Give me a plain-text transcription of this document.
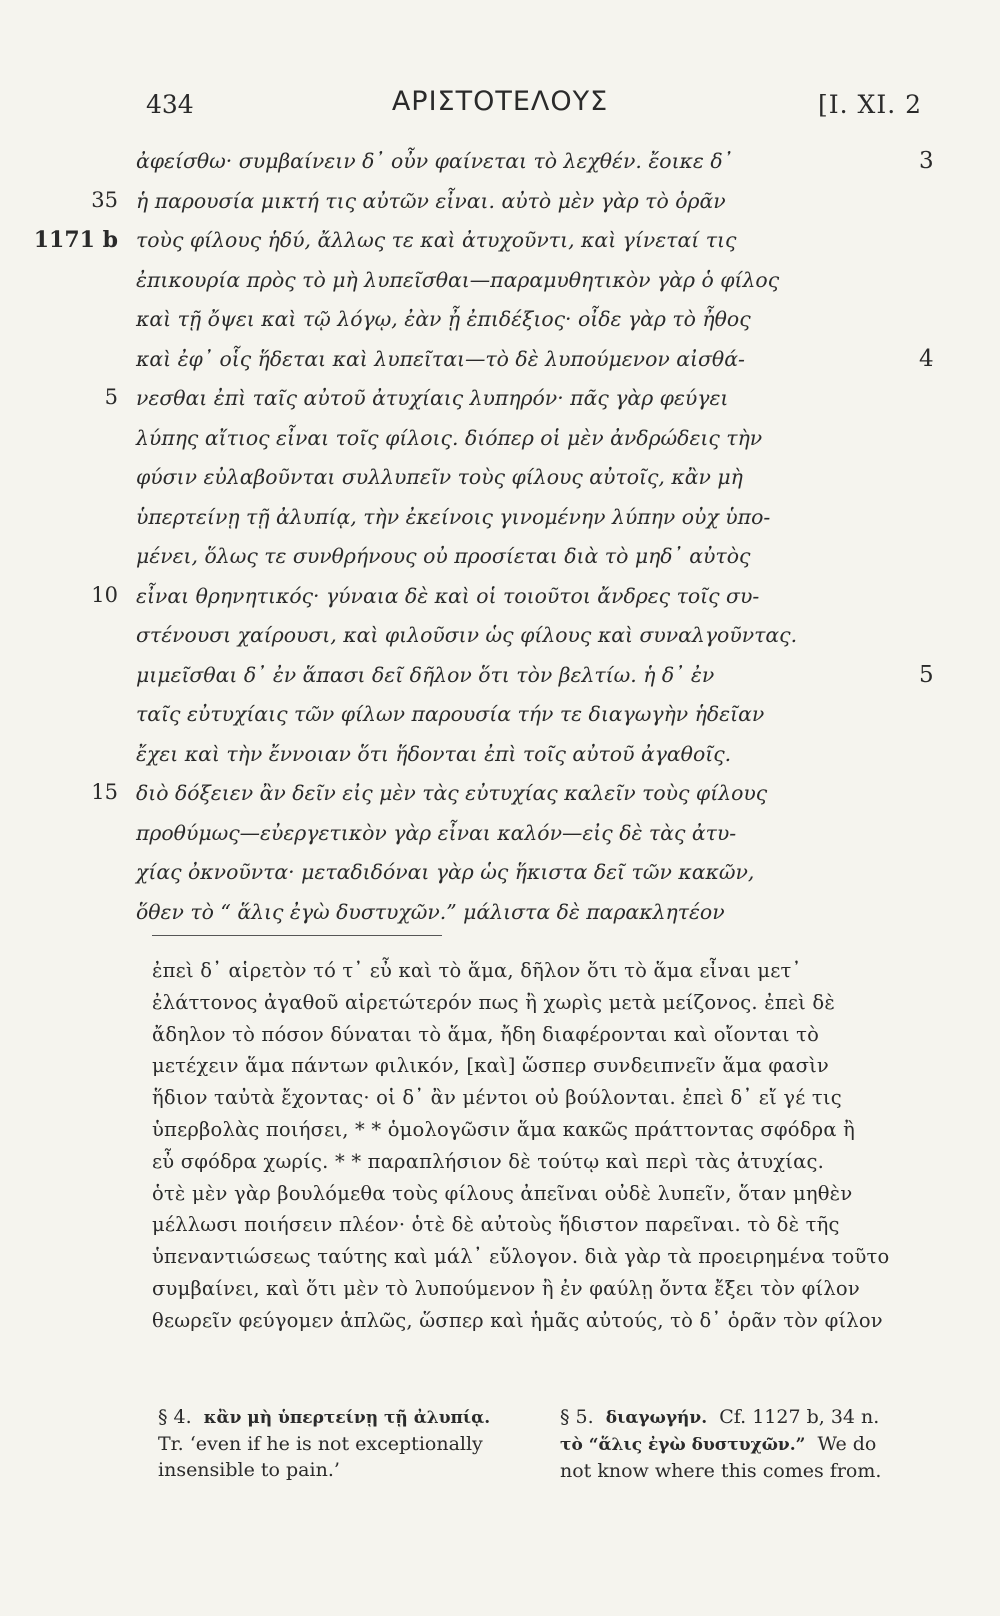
434	ΑΡΙΣΤΟΤΕΛΟΥΣ	[I. XI. 2
ἀφείσθω· συμβαίνειν δ᾽ οὖν φαίνεται τὸ λεχθέν. ἔοικε δ᾽	3
ἡ παρουσία μικτή τις αὐτῶν εἶναι. αὐτὸ μὲν γὰρ τὸ ὁρᾶν
35
τοὺς φίλους ἡδύ, ἄλλως τε καὶ ἀτυχοῦντι, καὶ γίνεταί τις
1171 b
ἐπικουρία πρὸς τὸ μὴ λυπεῖσθαι—παραμυθητικὸν γὰρ ὁ φίλος
καὶ τῇ ὄψει καὶ τῷ λόγῳ, ἐὰν ᾖ ἐπιδέξιος· οἶδε γὰρ τὸ ἦθος
καὶ ἐφ᾽ οἷς ἥδεται καὶ λυπεῖται—τὸ δὲ λυπούμενον αἰσθά-	4
νεσθαι ἐπὶ ταῖς αὐτοῦ ἀτυχίαις λυπηρόν· πᾶς γὰρ φεύγει
5
λύπης αἴτιος εἶναι τοῖς φίλοις. διόπερ οἱ μὲν ἀνδρώδεις τὴν
φύσιν εὐλαβοῦνται συλλυπεῖν τοὺς φίλους αὐτοῖς, κἂν μὴ
ὑπερτείνῃ τῇ ἀλυπίᾳ, τὴν ἐκείνοις γινομένην λύπην οὐχ ὑπο-
μένει, ὅλως τε συνθρήνους οὐ προσίεται διὰ τὸ μηδ᾽ αὐτὸς
εἶναι θρηνητικός· γύναια δὲ καὶ οἱ τοιοῦτοι ἄνδρες τοῖς συ-
10
στένουσι χαίρουσι, καὶ φιλοῦσιν ὡς φίλους καὶ συναλγοῦντας.
μιμεῖσθαι δ᾽ ἐν ἅπασι δεῖ δῆλον ὅτι τὸν βελτίω. ἡ δ᾽ ἐν	5
ταῖς εὐτυχίαις τῶν φίλων παρουσία τήν τε διαγωγὴν ἡδεῖαν
ἔχει καὶ τὴν ἔννοιαν ὅτι ἥδονται ἐπὶ τοῖς αὐτοῦ ἀγαθοῖς.
διὸ δόξειεν ἂν δεῖν εἰς μὲν τὰς εὐτυχίας καλεῖν τοὺς φίλους
15
προθύμως—εὐεργετικὸν γὰρ εἶναι καλόν—εἰς δὲ τὰς ἀτυ-
χίας ὀκνοῦντα· μεταδιδόναι γὰρ ὡς ἥκιστα δεῖ τῶν κακῶν,
ὅθεν τὸ “ ἅλις ἐγὼ δυστυχῶν.” μάλιστα δὲ παρακλητέον
ἐπεὶ δ᾽ αἱρετὸν τό τ᾽ εὖ καὶ τὸ ἅμα, δῆλον ὅτι τὸ ἅμα εἶναι μετ᾽
ἐλάττονος ἀγαθοῦ αἱρετώτερόν πως ἢ χωρὶς μετὰ μείζονος. ἐπεὶ δὲ
ἄδηλον τὸ πόσον δύναται τὸ ἅμα, ἤδη διαφέρονται καὶ οἴονται τὸ
μετέχειν ἅμα πάντων φιλικόν, [καὶ] ὥσπερ συνδειπνεῖν ἅμα φασὶν
ἥδιον ταὐτὰ ἔχοντας· οἱ δ᾽ ἂν μέντοι οὐ βούλονται. ἐπεὶ δ᾽ εἴ γέ τις
ὑπερβολὰς ποιήσει, * * ὁμολογῶσιν ἅμα κακῶς πράττοντας σφόδρα ἢ
εὖ σφόδρα χωρίς. * * παραπλήσιον δὲ τούτῳ καὶ περὶ τὰς ἀτυχίας.
ὁτὲ μὲν γὰρ βουλόμεθα τοὺς φίλους ἀπεῖναι οὐδὲ λυπεῖν, ὅταν μηθὲν
μέλλωσι ποιήσειν πλέον· ὁτὲ δὲ αὐτοὺς ἥδιστον παρεῖναι. τὸ δὲ τῆς
ὑπεναντιώσεως ταύτης καὶ μάλ᾽ εὔλογον. διὰ γὰρ τὰ προειρημένα τοῦτο
συμβαίνει, καὶ ὅτι μὲν τὸ λυπούμενον ἢ ἐν φαύλῃ ὄντα ἔξει τὸν φίλον
θεωρεῖν φεύγομεν ἁπλῶς, ὥσπερ καὶ ἡμᾶς αὐτούς, τὸ δ᾽ ὁρᾶν τὸν φίλον
§ 4. κἂν μὴ ὑπερτείνῃ τῇ ἀλυπίᾳ.
Tr. ‘even if he is not exceptionally
insensible to pain.’
§ 5. διαγωγήν. Cf. 1127 b, 34 n.
τὸ “ἅλις ἐγὼ δυστυχῶν.” We do
not know where this comes from.
